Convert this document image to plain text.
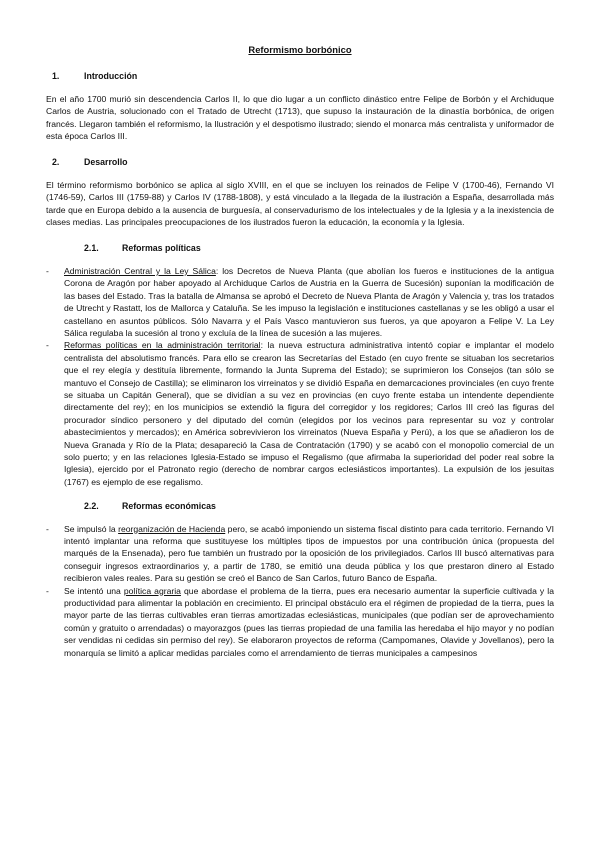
Reformismo borbónico
1.	Introducción

En el año 1700 murió sin descendencia Carlos II, lo que dio lugar a un conflicto dinástico entre Felipe de Borbón y el Archiduque Carlos de Austria, solucionado con el Tratado de Utrecht (1713), que supuso la instauración de la dinastía borbónica, de origen francés. Llegaron también el reformismo, la Ilustración y el despotismo ilustrado; siendo el monarca más centralista y uniformador de esta época Carlos III.

2.	Desarrollo

El término reformismo borbónico se aplica al siglo XVIII, en el que se incluyen los reinados de Felipe V (1700-46), Fernando VI (1746-59), Carlos III (1759-88) y Carlos IV (1788-1808), y está vinculado a la llegada de la ilustración a España, desarrollada más tarde que en Europa debido a la ausencia de burguesía, al conservadurismo de los intelectuales y de la Iglesia y a la inexistencia de clases medias. Las principales preocupaciones de los ilustrados fueron la educación, la economía y la Iglesia.

2.1.	Reformas políticas
- Administración Central y la Ley Sálica: los Decretos de Nueva Planta (que abolían los fueros e instituciones de la antigua Corona de Aragón por haber apoyado al Archiduque Carlos de Austria en la Guerra de Sucesión) suponían la modificación de las bases del Estado. Tras la batalla de Almansa se aprobó el Decreto de Nueva Planta de Aragón y Valencia y, tras los tratados de Utrecht y Rastatt, los de Mallorca y Cataluña. Se les impuso la legislación e instituciones castellanas y se les obligó a usar el castellano en asuntos públicos. Sólo Navarra y el País Vasco mantuvieron sus fueros, ya que apoyaron a Felipe V. La Ley Sálica regulaba la sucesión al trono y excluía de la línea de sucesión a las mujeres.
- Reformas políticas en la administración territorial: la nueva estructura administrativa intentó copiar e implantar el modelo centralista del absolutismo francés. Para ello se crearon las Secretarías del Estado (en cuyo frente se situaban los secretarios que el rey elegía y destituía libremente, formando la Junta Suprema del Estado); se suprimieron los Consejos (tan sólo se mantuvo el Consejo de Castilla); se eliminaron los virreinatos y se dividió España en demarcaciones provinciales (en cuyo frente se situaba un Capitán General), que se dividían a su vez en provincias (en cuyo frente estaba un intendente dependiente directamente del rey); en los municipios se extendió la figura del corregidor y los regidores; Carlos III creó las figuras del procurador síndico personero y del diputado del común (elegidos por los vecinos para representar su voz y controlar abastecimientos y mercados); en América sobrevivieron los virreinatos (Nueva España y Perú), a los que se añadieron los de Nueva Granada y Río de la Plata; desapareció la Casa de Contratación (1790) y se acabó con el monopolio comercial de un solo puerto; y en las relaciones Iglesia-Estado se impuso el Regalismo (que afirmaba la superioridad del poder real sobre la Iglesia), ejercido por el Patronato regio (derecho de nombrar cargos eclesiásticos importantes). La expulsión de los jesuitas (1767) es ejemplo de ese regalismo.
2.2.	Reformas económicas
- Se impulsó la reorganización de Hacienda pero, se acabó imponiendo un sistema fiscal distinto para cada territorio. Fernando VI intentó implantar una reforma que sustituyese los múltiples tipos de impuestos por una contribución única (propuesta del marqués de la Ensenada), pero fue también un frustrado por la oposición de los privilegiados. Carlos III buscó alternativas para conseguir ingresos extraordinarios y, a partir de 1780, se emitió una deuda pública y los que prestaron dinero al Estado recibieron vales reales. Para su gestión se creó el Banco de San Carlos, futuro Banco de España.
- Se intentó una política agraria que abordase el problema de la tierra, pues era necesario aumentar la superficie cultivada y la productividad para alimentar la población en crecimiento. El principal obstáculo era el régimen de propiedad de la tierra, pues la mayor parte de las tierras cultivables eran tierras amortizadas eclesiásticas, municipales (que podían ser de aprovechamiento común y gratuito o arrendadas) o mayorazgos (pues las tierras propiedad de una familia las heredaba el hijo mayor y no podían ser vendidas ni cedidas sin permiso del rey). Se elaboraron proyectos de reforma (Campomanes, Olavide y Jovellanos), pero la monarquía se limitó a aplicar medidas parciales como el arrendamiento de tierras municipales a campesinos
